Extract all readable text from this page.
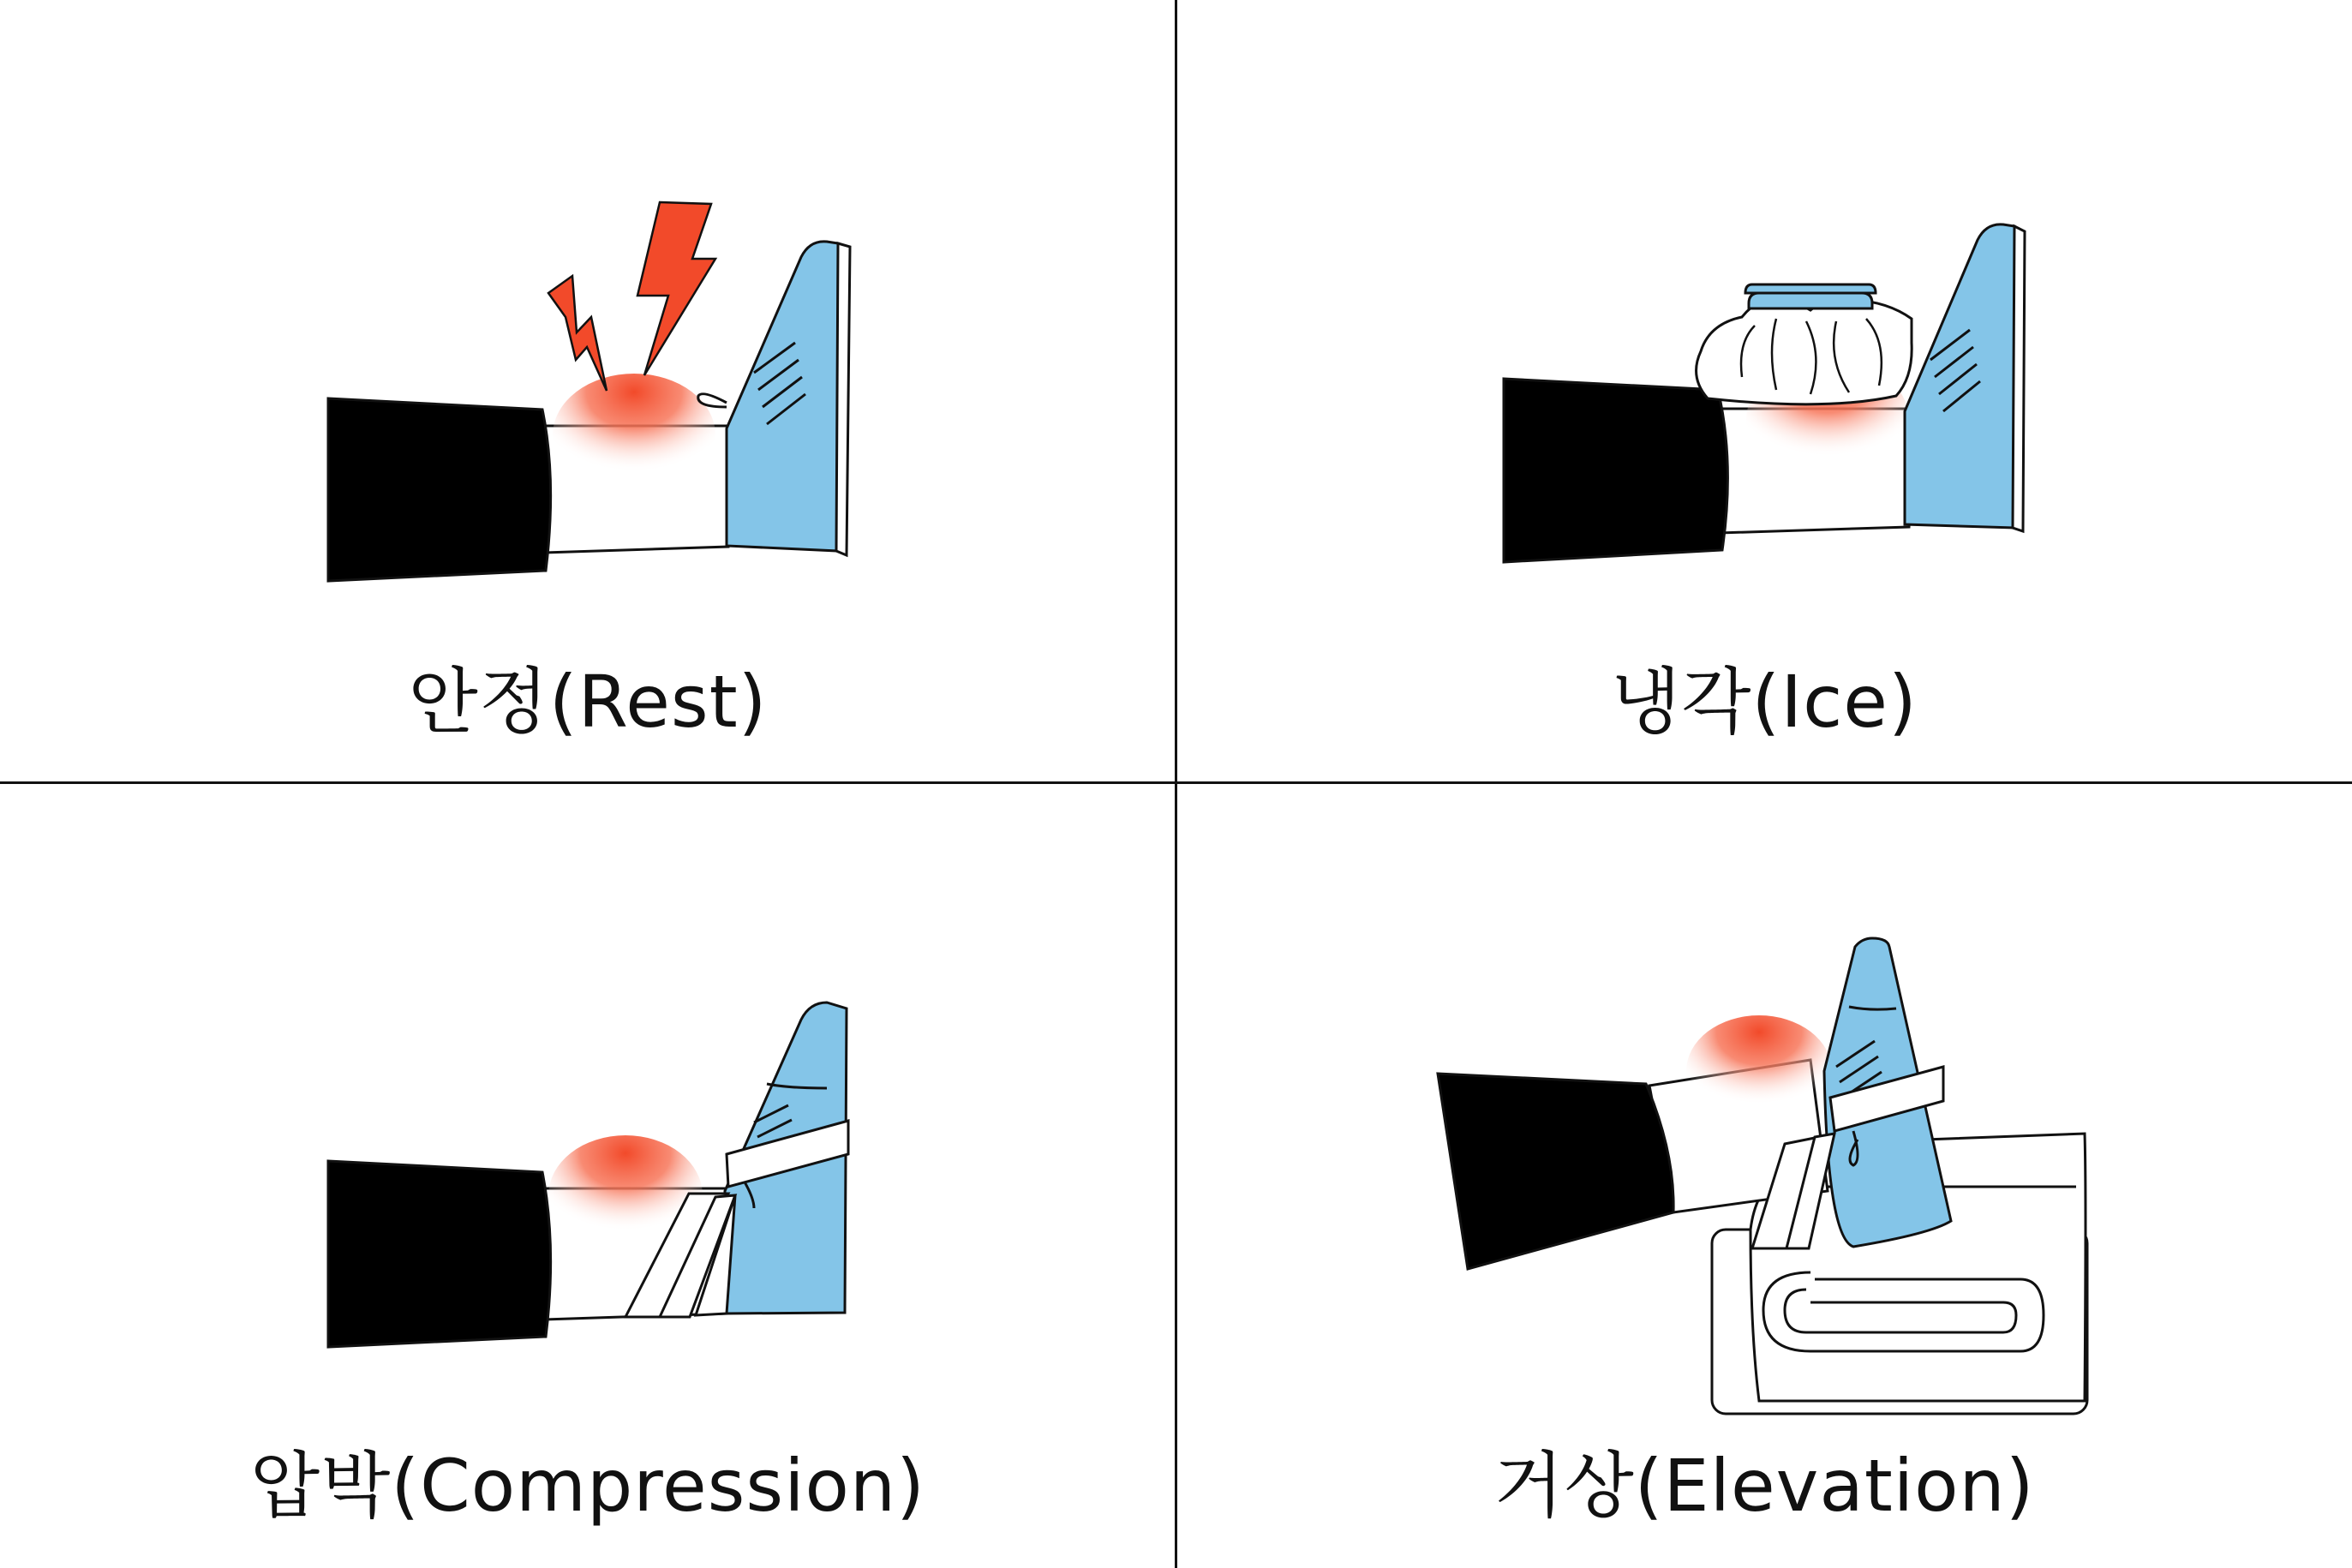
안정(Rest)	냉각(Ice)
압박(Compression)	거상(Elevation)
